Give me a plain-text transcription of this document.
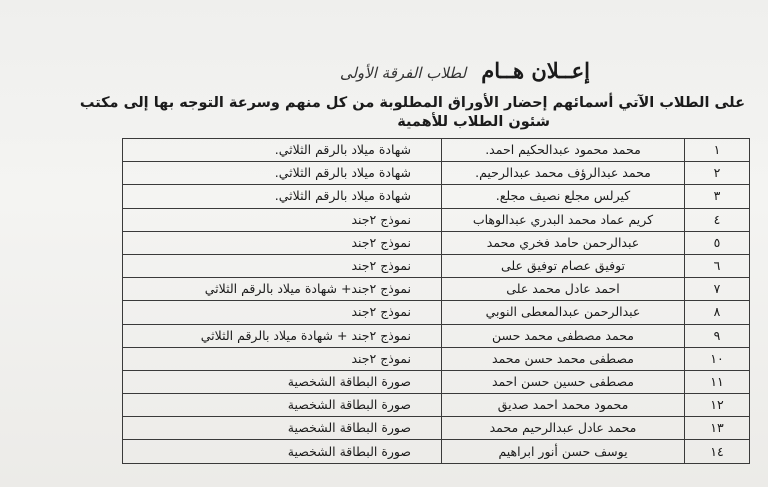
إعــلان هــام لطلاب الفرقة الأولى
على الطلاب الآتي أسمائهم إحضار الأوراق المطلوبة من كل منهم وسرعة التوجه بها إلى مكتب
شئون الطلاب للأهمية
١	محمد محمود عبدالحكيم احمد.	شهادة ميلاد بالرقم الثلاثي.
٢	محمد عبدالرؤف محمد عبدالرحيم.	شهادة ميلاد بالرقم الثلاثي.
٣	كيرلس مجلع نصيف مجلع.	شهادة ميلاد بالرقم الثلاثي.
٤	كريم عماد محمد البدري عبدالوهاب	نموذج ٢جند
٥	عبدالرحمن حامد فخري محمد	نموذج ٢جند
٦	توفيق عصام توفيق على	نموذج ٢جند
٧	احمد عادل محمد على	نموذج ٢جند+ شهادة ميلاد بالرقم الثلاثي
٨	عبدالرحمن عبدالمعطى النوبي	نموذج ٢جند
٩	محمد مصطفى محمد حسن	نموذج ٢جند + شهادة ميلاد بالرقم الثلاثي
١٠	مصطفى محمد حسن محمد	نموذج ٢جند
١١	مصطفى حسين حسن احمد	صورة البطاقة الشخصية
١٢	محمود محمد احمد صديق	صورة البطاقة الشخصية
١٣	محمد عادل عبدالرحيم محمد	صورة البطاقة الشخصية
١٤	يوسف حسن أنور ابراهيم	صورة البطاقة الشخصية
